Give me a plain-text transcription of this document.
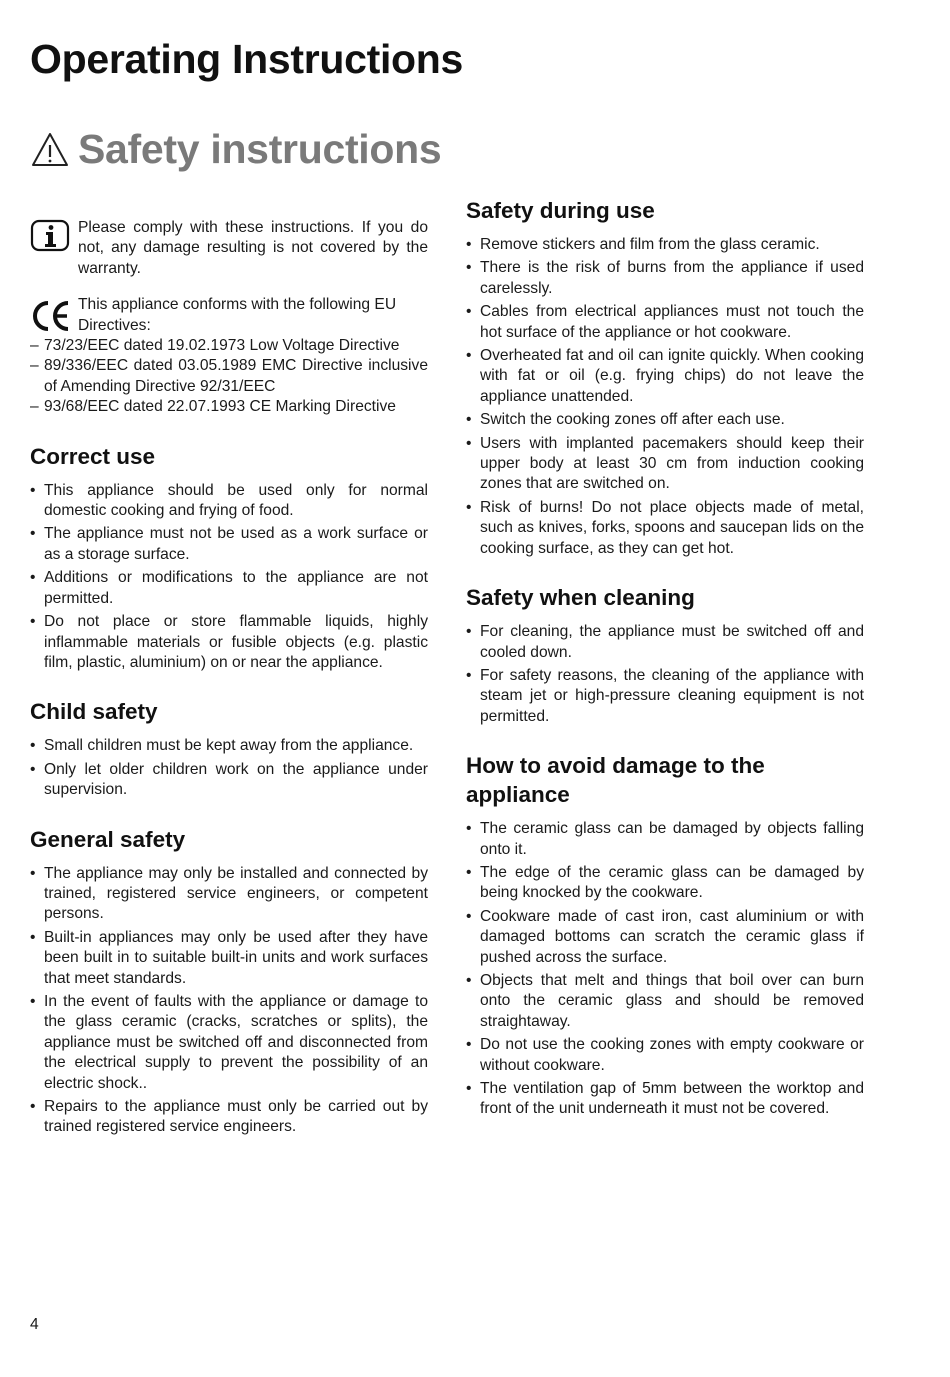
Operating Instructions
Safety instructions

Please comply with these instructions. If you do not, any damage resulting is not covered by the warranty.

This appliance conforms with the following EU Directives:

– 73/23/EEC dated 19.02.1973 Low Voltage Directive
– 89/336/EEC dated 03.05.1989 EMC Directive inclusive of Amending Directive 92/31/EEC
– 93/68/EEC dated 22.07.1993 CE Marking Directive
Correct use
• This appliance should be used only for normal domestic cooking and frying of food.
• The appliance must not be used as a work surface or as a storage surface.
• Additions or modifications to the appliance are not permitted.
• Do not place or store flammable liquids, highly inflammable materials or fusible objects (e.g. plastic film, plastic, aluminium) on or near the appliance.
Child safety
• Small children must be kept away from the appliance.
• Only let older children work on the appliance under supervision.
General safety
• The appliance may only be installed and connected by trained, registered service engineers, or competent persons.
• Built-in appliances may only be used after they have been built in to suitable built-in units and work surfaces that meet standards.
• In the event of faults with the appliance or damage to the glass ceramic (cracks, scratches or splits), the appliance must be switched off and disconnected from the electrical supply to prevent the possibility of an electric shock..
• Repairs to the appliance must only be carried out by trained registered service engineers.
Safety during use
• Remove stickers and film from the glass ceramic.
• There is the risk of burns from the appliance if used carelessly.
• Cables from electrical appliances must not touch the hot surface of the appliance or hot cookware.
• Overheated fat and oil can ignite quickly. When cooking with fat or oil (e.g. frying chips) do not leave the appliance unattended.
• Switch the cooking zones off after each use.
• Users with implanted pacemakers should keep their upper body at least 30 cm from induction cooking zones that are switched on.
• Risk of burns! Do not place objects made of metal, such as knives, forks, spoons and saucepan lids on the cooking surface, as they can get hot.
Safety when cleaning
• For cleaning, the appliance must be switched off and cooled down.
• For safety reasons, the cleaning of the appliance with steam jet or high-pressure cleaning equipment is not permitted.
How to avoid damage to the appliance
• The ceramic glass can be damaged by objects falling onto it.
• The edge of the ceramic glass can be damaged by being knocked by the cookware.
• Cookware made of cast iron, cast aluminium or with damaged bottoms can scratch the ceramic glass if pushed across the surface.
• Objects that melt and things that boil over can burn onto the ceramic glass and should be removed straightaway.
• Do not use the cooking zones with empty cookware or without cookware.
• The ventilation gap of 5mm between the worktop and front of the unit underneath it must not be covered.
4
